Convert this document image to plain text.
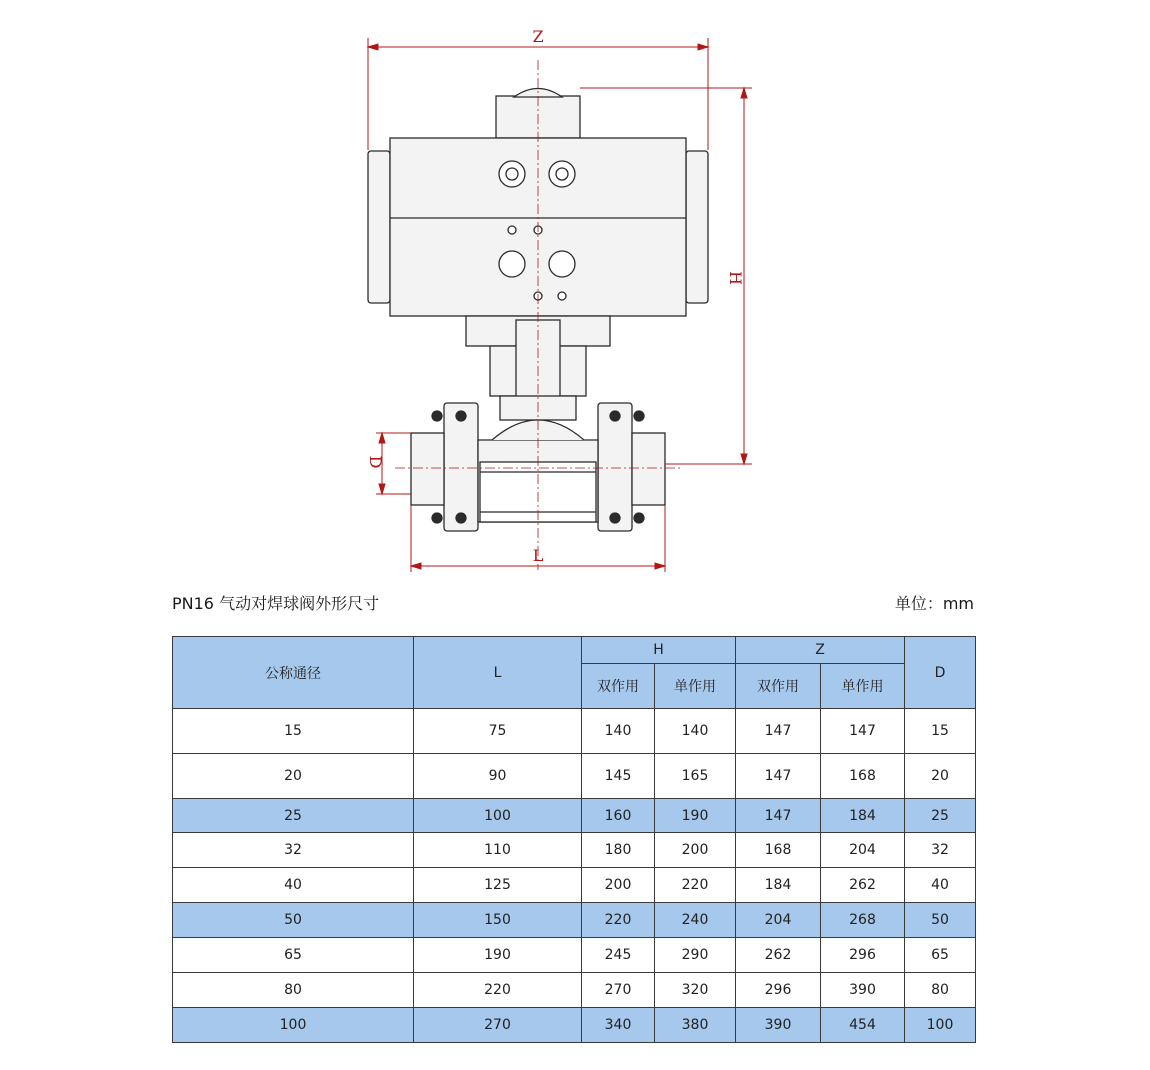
Z
H
D
L
PN16 气动对焊球阀外形尺寸	单位：mm
公称通径	L	H		Z		D
		双作用	单作用	双作用	单作用	
15	75	140	140	147	147	15
20	90	145	165	147	168	20
25	100	160	190	147	184	25
32	110	180	200	168	204	32
40	125	200	220	184	262	40
50	150	220	240	204	268	50
65	190	245	290	262	296	65
80	220	270	320	296	390	80
100	270	340	380	390	454	100
